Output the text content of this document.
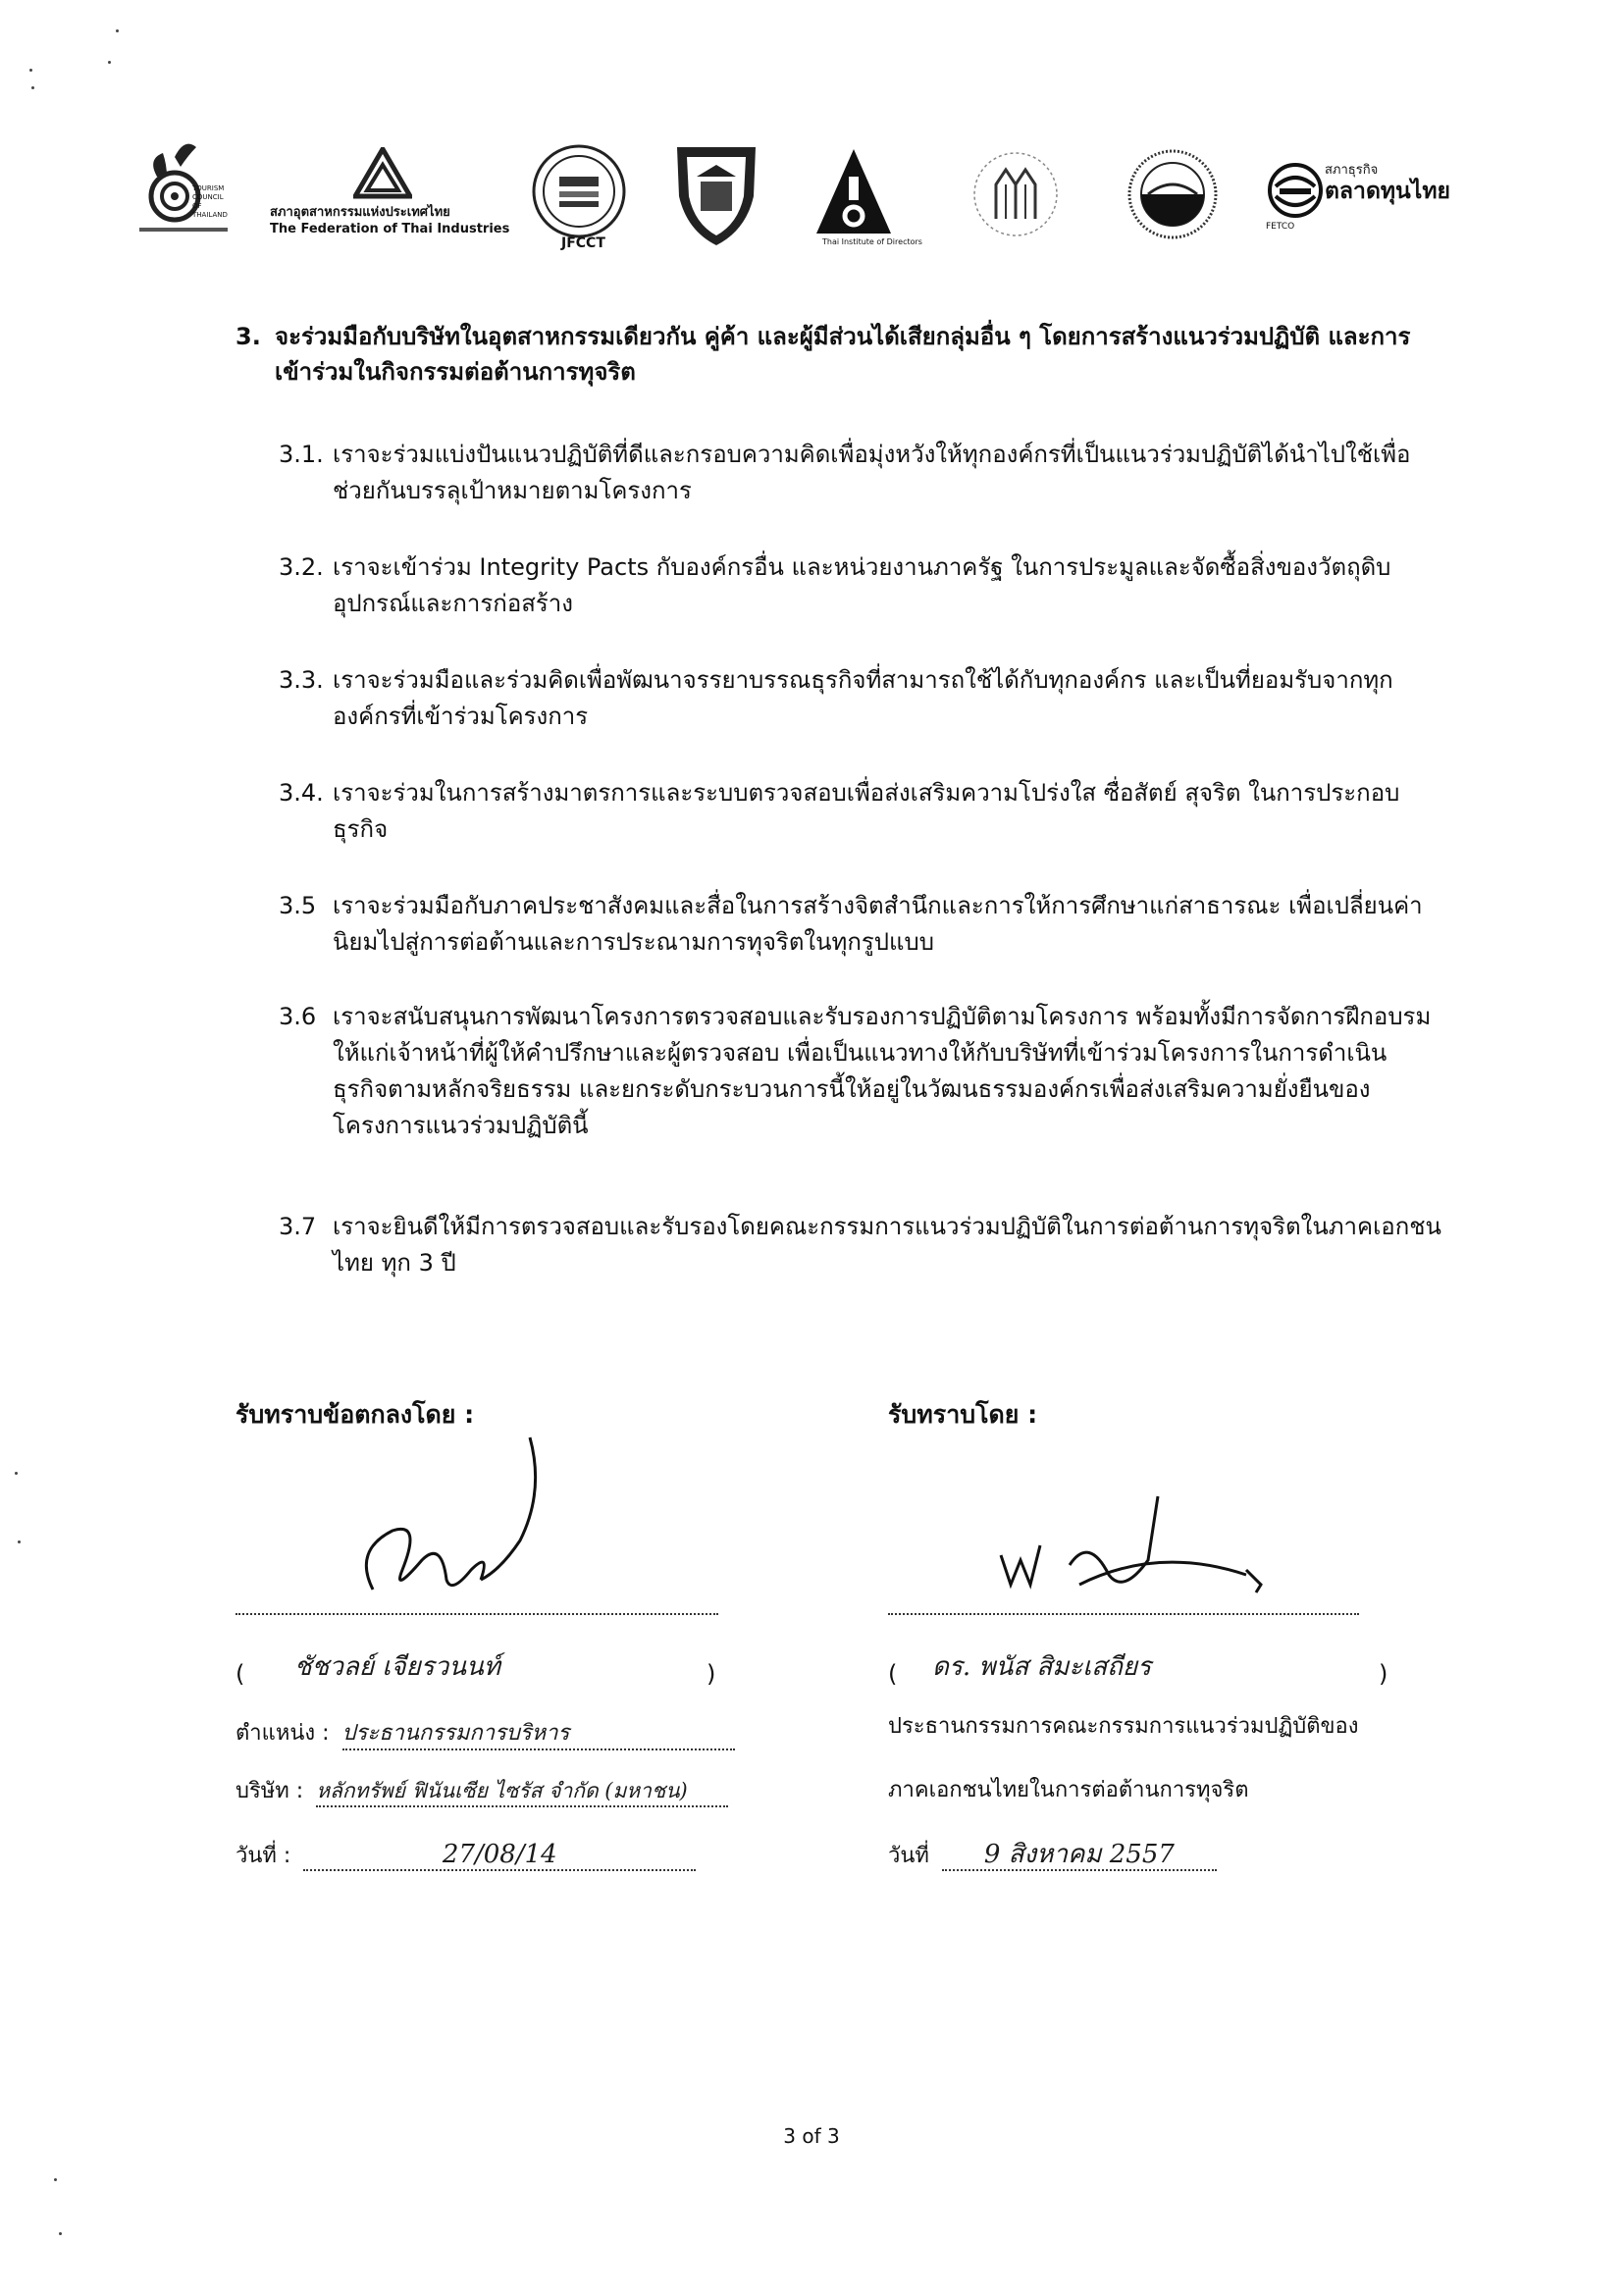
TOURISM COUNCIL OF THAILAND	สภาอุตสาหกรรมแห่งประเทศไทย
The Federation of Thai Industries
JFCCT	Thai Institute of Directors
สภาธุรกิจ
ตลาดทุนไทย
FETCO
3. จะร่วมมือกับบริษัทในอุตสาหกรรมเดียวกัน คู่ค้า และผู้มีส่วนได้เสียกลุ่มอื่น ๆ โดยการสร้างแนวร่วมปฏิบัติ และการเข้าร่วมในกิจกรรมต่อต้านการทุจริต
3.1. เราจะร่วมแบ่งปันแนวปฏิบัติที่ดีและกรอบความคิดเพื่อมุ่งหวังให้ทุกองค์กรที่เป็นแนวร่วมปฏิบัติได้นำไปใช้เพื่อช่วยกันบรรลุเป้าหมายตามโครงการ
3.2. เราจะเข้าร่วม Integrity Pacts กับองค์กรอื่น และหน่วยงานภาครัฐ ในการประมูลและจัดซื้อสิ่งของวัตถุดิบอุปกรณ์และการก่อสร้าง
3.3. เราจะร่วมมือและร่วมคิดเพื่อพัฒนาจรรยาบรรณธุรกิจที่สามารถใช้ได้กับทุกองค์กร และเป็นที่ยอมรับจากทุกองค์กรที่เข้าร่วมโครงการ
3.4. เราจะร่วมในการสร้างมาตรการและระบบตรวจสอบเพื่อส่งเสริมความโปร่งใส ซื่อสัตย์ สุจริต ในการประกอบธุรกิจ
3.5 เราจะร่วมมือกับภาคประชาสังคมและสื่อในการสร้างจิตสำนึกและการให้การศึกษาแก่สาธารณะ เพื่อเปลี่ยนค่านิยมไปสู่การต่อต้านและการประณามการทุจริตในทุกรูปแบบ
3.6 เราจะสนับสนุนการพัฒนาโครงการตรวจสอบและรับรองการปฏิบัติตามโครงการ พร้อมทั้งมีการจัดการฝึกอบรมให้แก่เจ้าหน้าที่ผู้ให้คำปรึกษาและผู้ตรวจสอบ เพื่อเป็นแนวทางให้กับบริษัทที่เข้าร่วมโครงการในการดำเนินธุรกิจตามหลักจริยธรรม และยกระดับกระบวนการนี้ให้อยู่ในวัฒนธรรมองค์กรเพื่อส่งเสริมความยั่งยืนของโครงการแนวร่วมปฏิบัตินี้
3.7 เราจะยินดีให้มีการตรวจสอบและรับรองโดยคณะกรรมการแนวร่วมปฏิบัติในการต่อต้านการทุจริตในภาคเอกชนไทย ทุก 3 ปี
รับทราบข้อตกลงโดย :
( ชัชวลย์ เจียรวนนท์	)
ตำแหน่ง : ประธานกรรมการบริหาร
บริษัท : หลักทรัพย์ ฟินันเซีย ไซรัส จำกัด (มหาชน)
วันที่ :	27/08/14
รับทราบโดย :
( ดร. พนัส สิมะเสถียร	)
ประธานกรรมการคณะกรรมการแนวร่วมปฏิบัติของ
ภาคเอกชนไทยในการต่อต้านการทุจริต
วันที่ 9 สิงหาคม 2557
3 of 3
